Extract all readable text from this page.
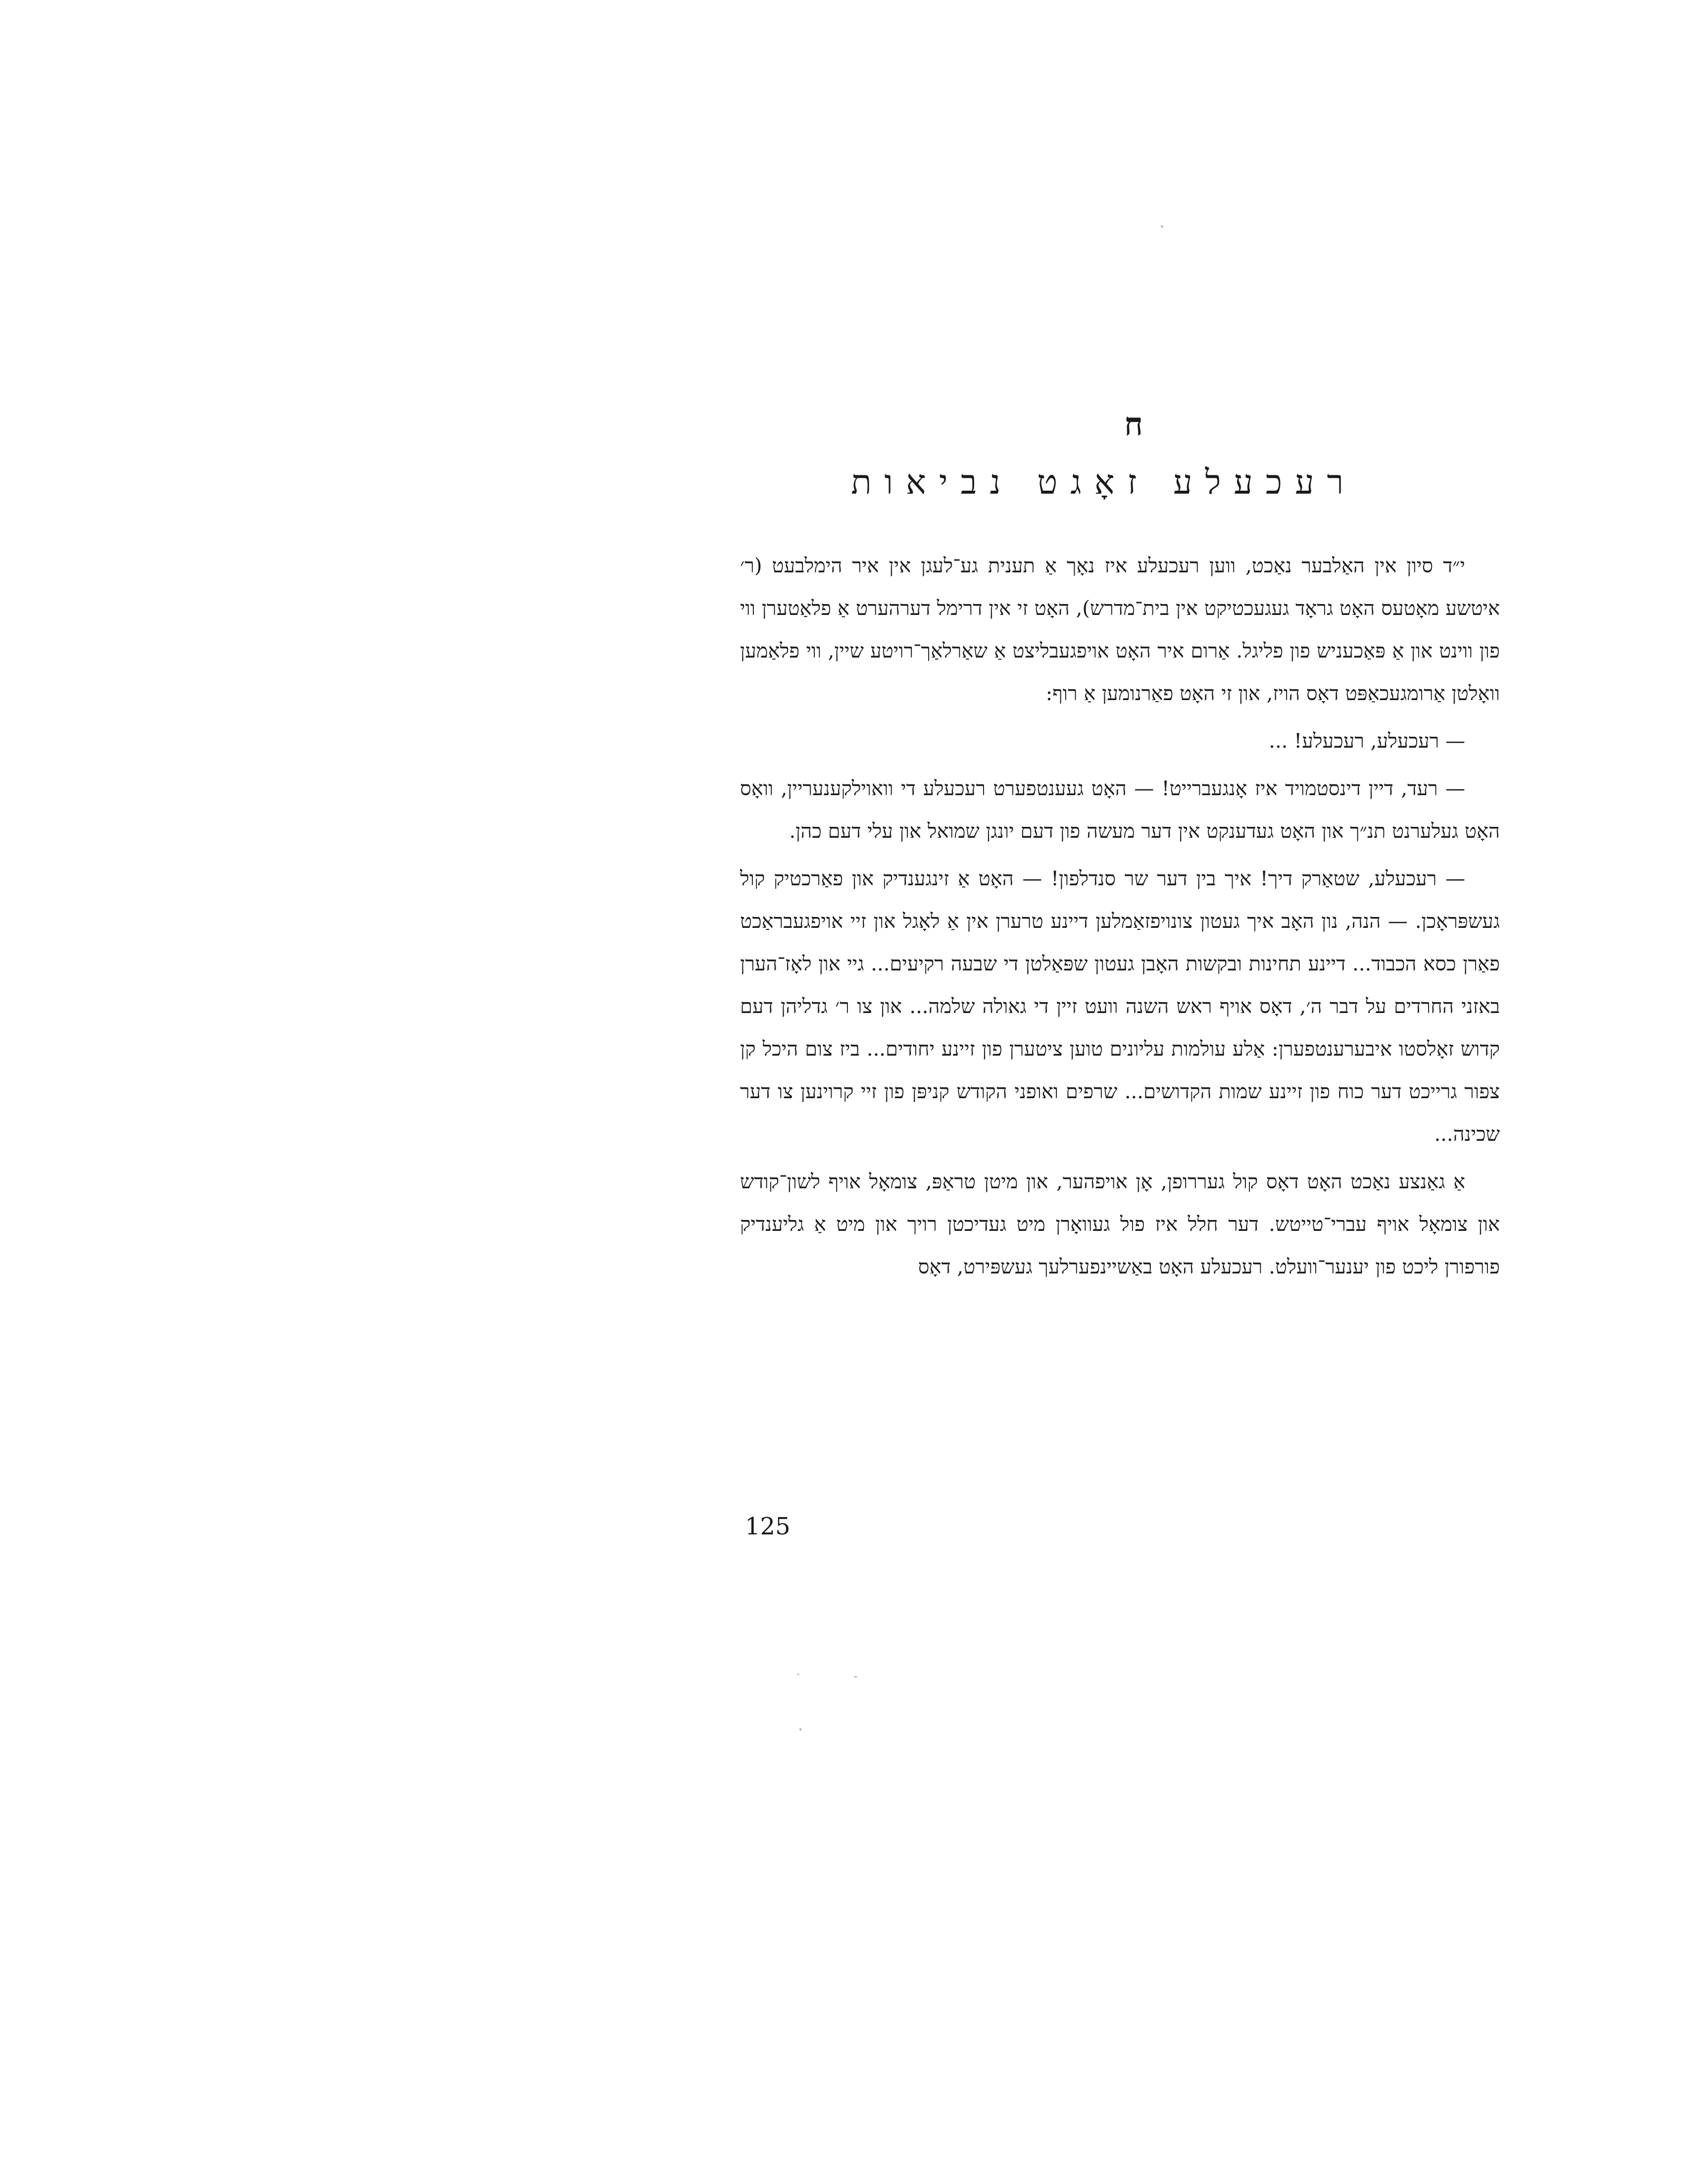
ח
רעכעלע זאָגט נביאות

י״ד סיון אין האַלבער נאַכט, ווען רעכעלע איז נאָך אַ תענית גע־לעגן אין איר הימלבעט (ר׳ איטשע מאָטעס האָט גראָד געגעכטיקט אין בית־מדרש), האָט זי אין דרימל דערהערט אַ פלאַטערן ווי פון ווינט און אַ פּאַכעניש פון פליגל. אַרום איר האָט אויפגעבליצט אַ שאַרלאַך־רויטע שיין, ווי פלאַמען וואָלטן אַרומגעכאַפּט דאָס הויז, און זי האָט פאַרנומען אַ רוף:

— רעכעלע, רעכעלע! ...

— רעד, דיין דינסטמויד איז אָנגעברייט! — האָט געענטפערט רעכעלע די וואוילקענעריין, וואָס האָט געלערנט תנ״ך און האָט געדענקט אין דער מעשה פון דעם יונגן שמואל און עלי דעם כהן.

— רעכעלע, שטאַרק דיך! איך בין דער שר סנדלפון! — האָט אַ זינגענדיק און פאַרכטיק קול געשפּראָכן. — הנה, נון האָב איך געטון צונויפזאַמלען דיינע טרערן אין אַ לאָגל און זיי אויפגעבראַכט פאַרן כסא הכבוד... דיינע תחינות ובקשות האָבן געטון שפּאַלטן די שבעה רקיעים... גיי און לאָז־הערן באזני החרדים על דבר ה׳, דאָס אויף ראש השנה וועט זיין די גאולה שלמה... און צו ר׳ גדליהן דעם קדוש זאָלסטו איבערענטפערן: אַלע עולמות עליונים טוען ציטערן פון זיינע יחודים... ביז צום היכל קן צפור גרייכט דער כוח פון זיינע שמות הקדושים... שרפים ואופני הקודש קניפּן פון זיי קרוינען צו דער שכינה...

אַ גאַנצע נאַכט האָט דאָס קול געררופן, אָן אויפהער, און מיטן טראַפּ, צומאָל אויף לשון־קודש און צומאָל אויף עברי־טייטש. דער חלל איז פול געוואָרן מיט געדיכטן רויך און מיט אַ גליענדיק פורפורן ליכט פון יענער־וועלט. רעכעלע האָט באַשיינפערלעך געשפּירט, דאָס

125
